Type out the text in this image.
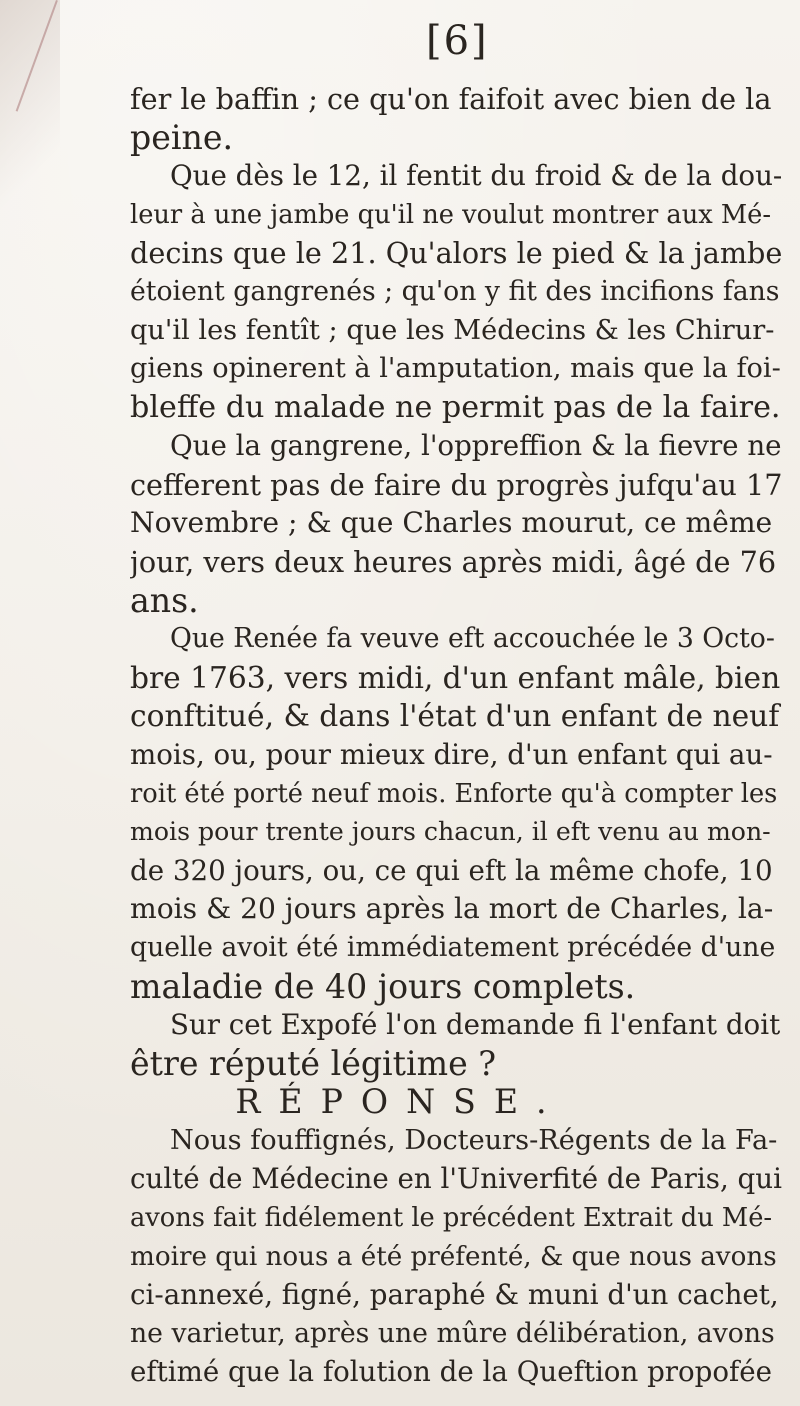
[6]
fer le baffin ; ce qu'on faifoit avec bien de la
peine.
Que dès le 12, il fentit du froid & de la dou-
leur à une jambe qu'il ne voulut montrer aux Mé-
decins que le 21. Qu'alors le pied & la jambe
étoient gangrenés ; qu'on y fit des incifions fans
qu'il les fentît ; que les Médecins & les Chirur-
giens opinerent à l'amputation, mais que la foi-
bleffe du malade ne permit pas de la faire.
Que la gangrene, l'oppreffion & la fievre ne
cefferent pas de faire du progrès jufqu'au 17
Novembre ; & que Charles mourut, ce même
jour, vers deux heures après midi, âgé de 76
ans.
Que Renée fa veuve eft accouchée le 3 Octo-
bre 1763, vers midi, d'un enfant mâle, bien
conftitué, & dans l'état d'un enfant de neuf
mois, ou, pour mieux dire, d'un enfant qui au-
roit été porté neuf mois. Enforte qu'à compter les
mois pour trente jours chacun, il eft venu au mon-
de 320 jours, ou, ce qui eft la même chofe, 10
mois & 20 jours après la mort de Charles, la-
quelle avoit été immédiatement précédée d'une
maladie de 40 jours complets.
Sur cet Expofé l'on demande fi l'enfant doit
être réputé légitime ?
RÉPONSE.
Nous fouffignés, Docteurs-Régents de la Fa-
culté de Médecine en l'Univerfité de Paris, qui
avons fait fidélement le précédent Extrait du Mé-
moire qui nous a été préfenté, & que nous avons
ci-annexé, figné, paraphé & muni d'un cachet,
ne varietur, après une mûre délibération, avons
eftimé que la folution de la Queftion propofée
